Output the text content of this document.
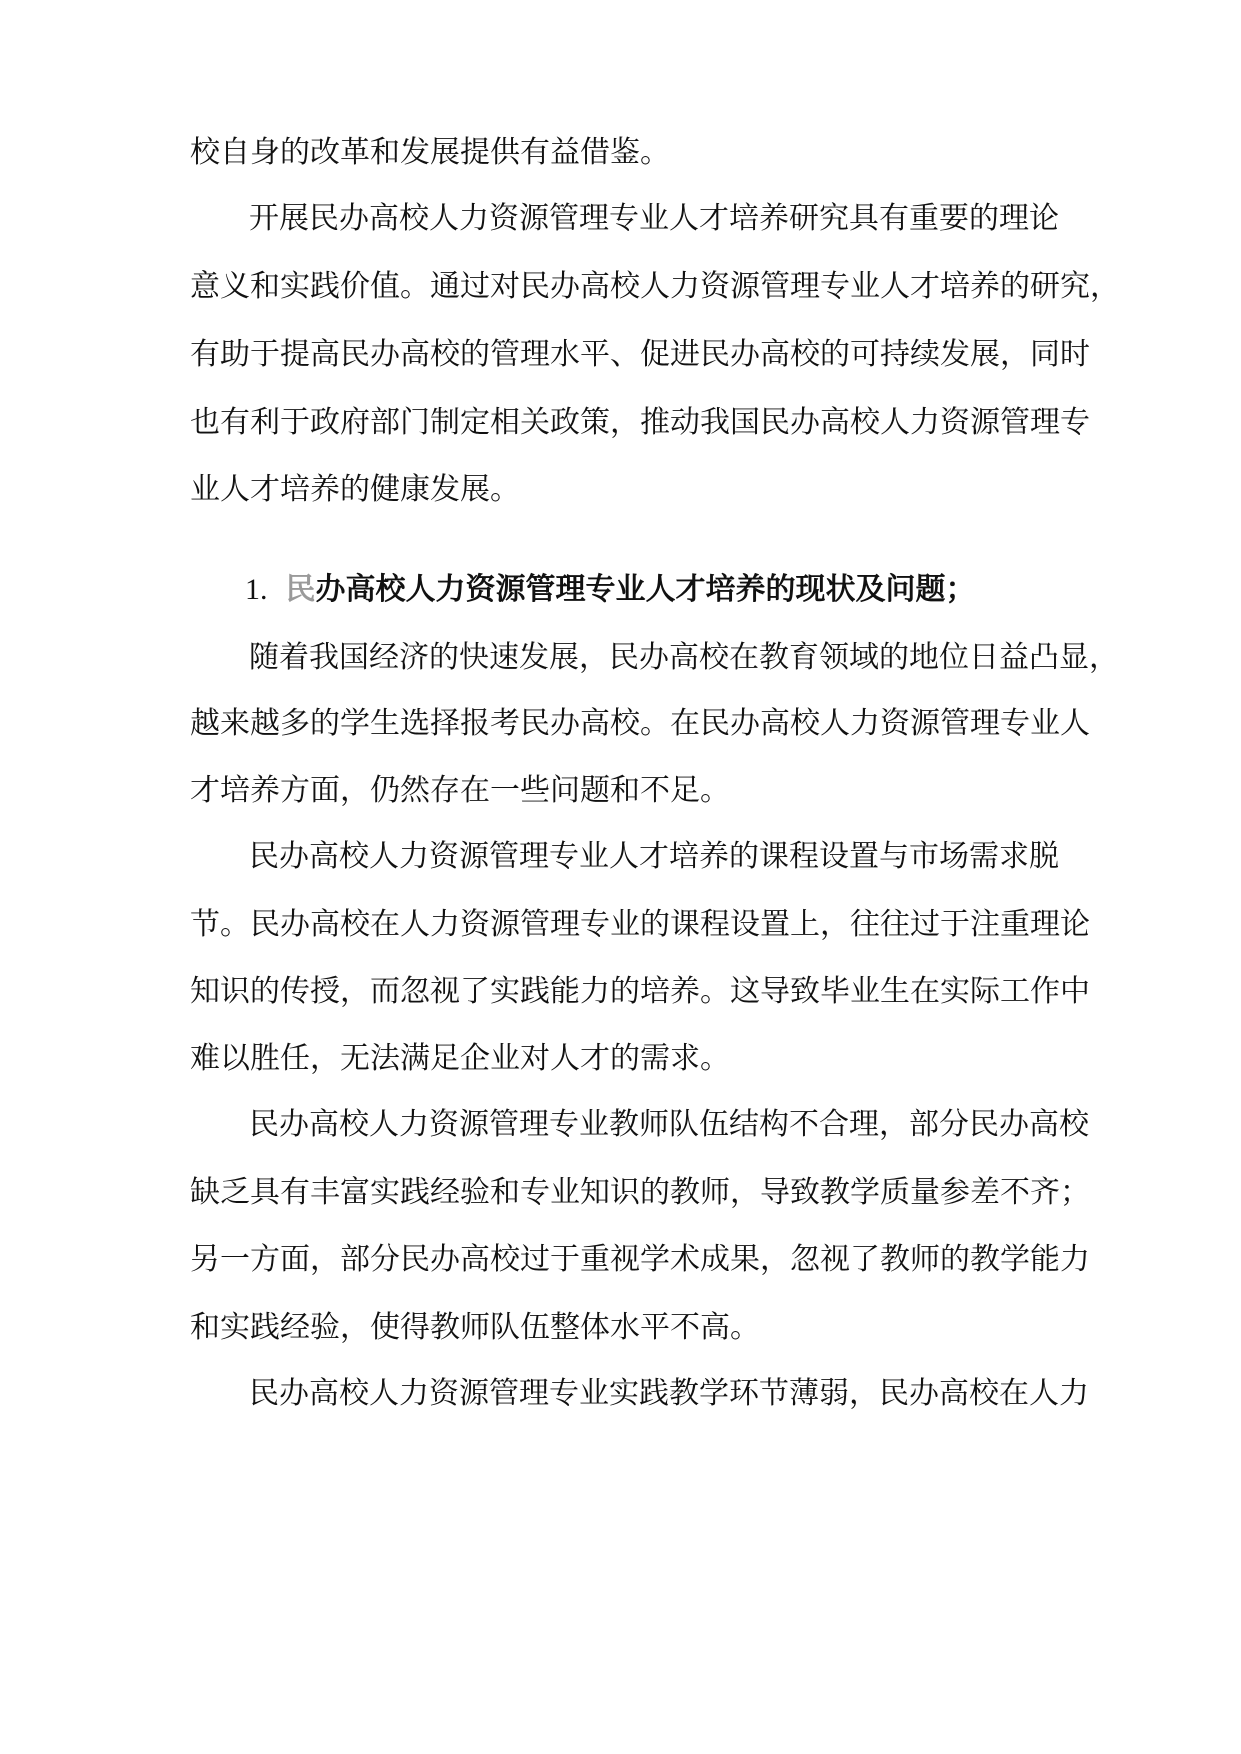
校自身的改革和发展提供有益借鉴。
开展民办高校人力资源管理专业人才培养研究具有重要的理论
意义和实践价值。通过对民办高校人力资源管理专业人才培养的研究，
有助于提高民办高校的管理水平、促进民办高校的可持续发展，同时
也有利于政府部门制定相关政策，推动我国民办高校人力资源管理专
业人才培养的健康发展。
1. 民办高校人力资源管理专业人才培养的现状及问题；
随着我国经济的快速发展，民办高校在教育领域的地位日益凸显，
越来越多的学生选择报考民办高校。在民办高校人力资源管理专业人
才培养方面，仍然存在一些问题和不足。
民办高校人力资源管理专业人才培养的课程设置与市场需求脱
节。民办高校在人力资源管理专业的课程设置上，往往过于注重理论
知识的传授，而忽视了实践能力的培养。这导致毕业生在实际工作中
难以胜任，无法满足企业对人才的需求。
民办高校人力资源管理专业教师队伍结构不合理，部分民办高校
缺乏具有丰富实践经验和专业知识的教师，导致教学质量参差不齐；
另一方面，部分民办高校过于重视学术成果，忽视了教师的教学能力
和实践经验，使得教师队伍整体水平不高。
民办高校人力资源管理专业实践教学环节薄弱，民办高校在人力
